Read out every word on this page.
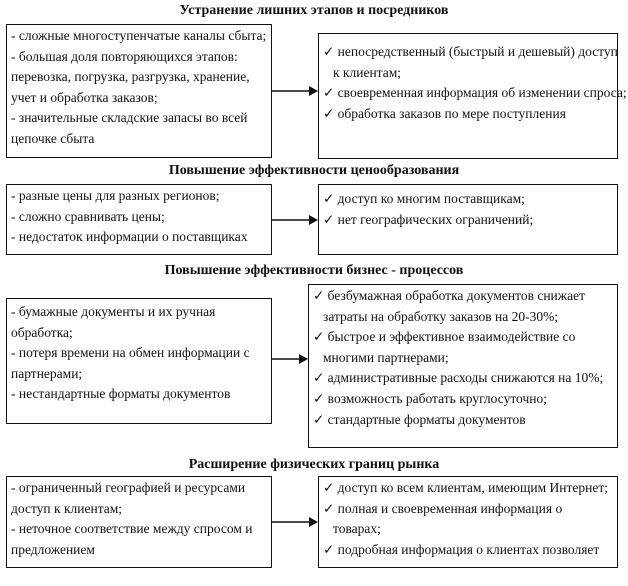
Устранение лишних этапов и посредников
- сложные многоступенчатые каналы сбыта;
- большая доля повторяющихся этапов:
перевозка, погрузка, разгрузка, хранение,
учет и обработка заказов;
- значительные складские запасы во всей
цепочке сбыта
✓ непосредственный (быстрый и дешевый) доступ
к клиентам;
✓ своевременная информация об изменении спроса;
✓ обработка заказов по мере поступления
Повышение эффективности ценообразования
- разные цены для разных регионов;
- сложно сравнивать цены;
- недостаток информации о поставщиках
✓ доступ ко многим поставщикам;
✓ нет географических ограничений;
Повышение эффективности бизнес - процессов
- бумажные документы и их ручная
обработка;
- потеря времени на обмен информации с
партнерами;
- нестандартные форматы документов
✓ безбумажная обработка документов снижает
затраты на обработку заказов на 20-30%;
✓ быстрое и эффективное взаимодействие со
многими партнерами;
✓ административные расходы снижаются на 10%;
✓ возможность работать круглосуточно;
✓ стандартные форматы документов
Расширение физических границ рынка
- ограниченный географией и ресурсами
доступ к клиентам;
- неточное соответствие между спросом и
предложением
✓ доступ ко всем клиентам, имеющим Интернет;
✓ полная и своевременная информация о
товарах;
✓ подробная информация о клиентах позволяет
